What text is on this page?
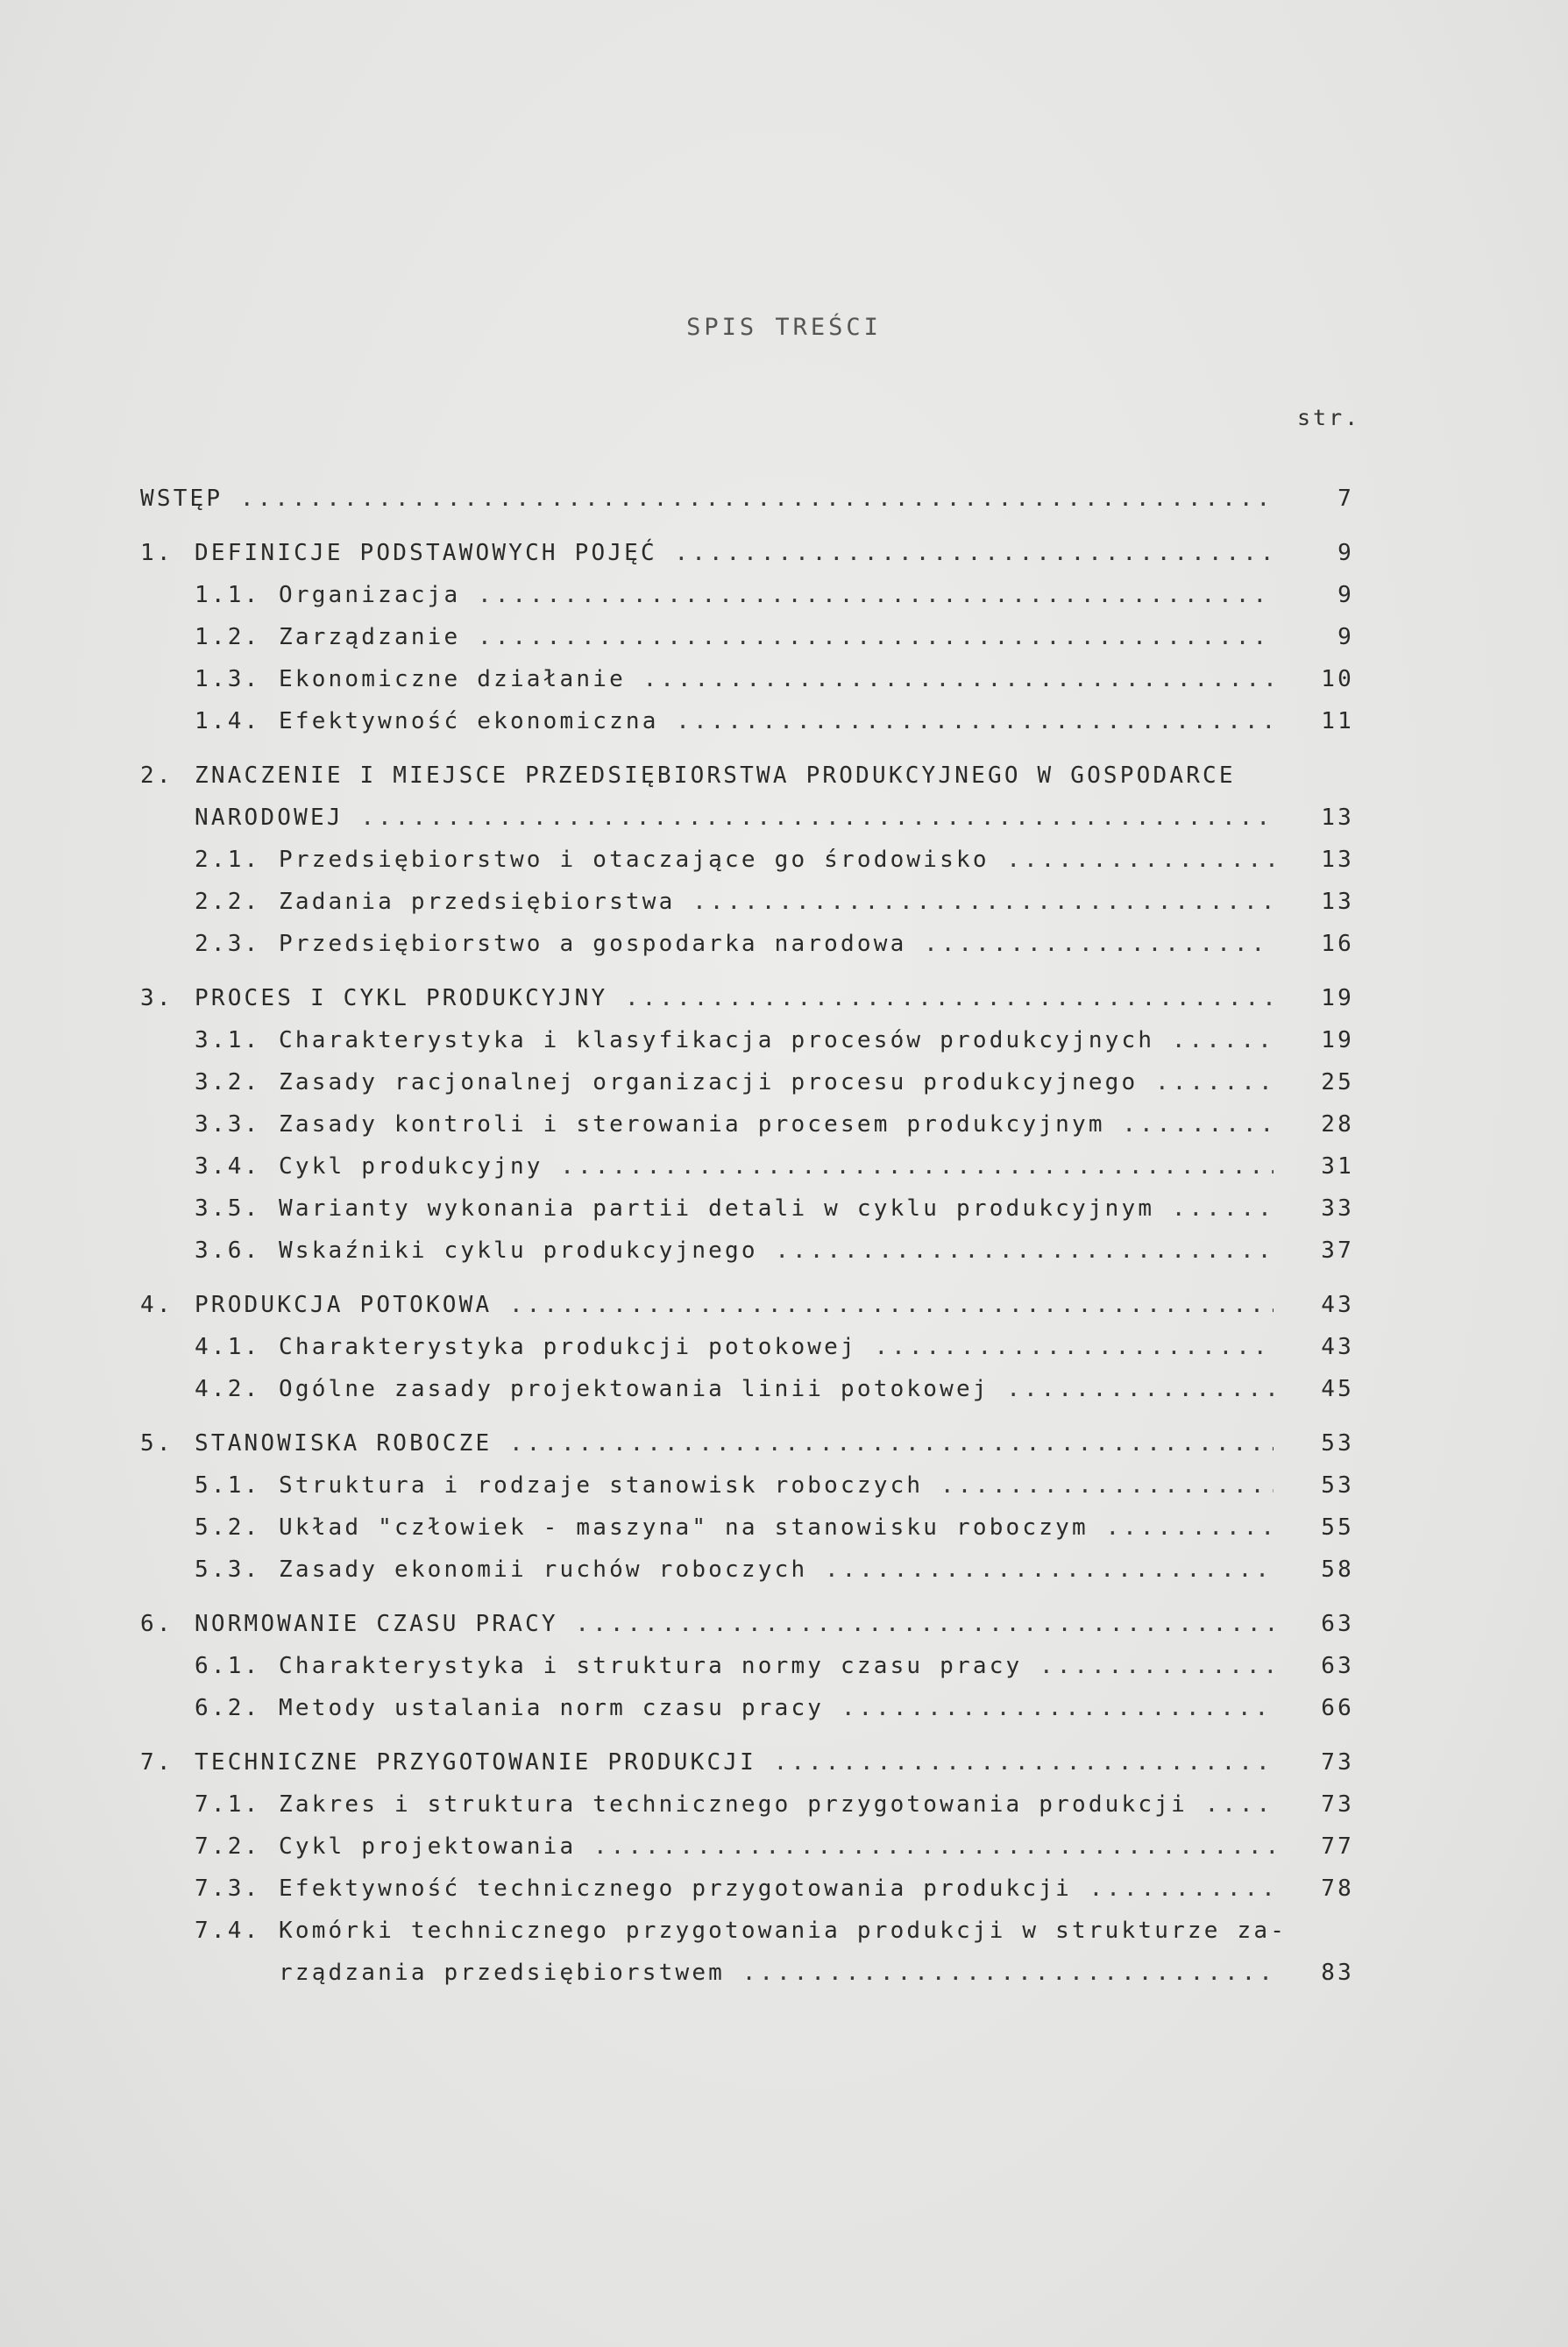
SPIS TREŚCI
str.
WSTĘP .....	7
1. DEFINICJE PODSTAWOWYCH POJĘĆ .....	9
1.1. Organizacja .....	9
1.2. Zarządzanie .....	9
1.3. Ekonomiczne działanie .....	10
1.4. Efektywność ekonomiczna .....	11
2. ZNACZENIE I MIEJSCE PRZEDSIĘBIORSTWA PRODUKCYJNEGO W GOSPODARCE
NARODOWEJ .....	13
2.1. Przedsiębiorstwo i otaczające go środowisko .....	13
2.2. Zadania przedsiębiorstwa .....	13
2.3. Przedsiębiorstwo a gospodarka narodowa .....	16
3. PROCES I CYKL PRODUKCYJNY .....	19
3.1. Charakterystyka i klasyfikacja procesów produkcyjnych .....	19
3.2. Zasady racjonalnej organizacji procesu produkcyjnego .....	25
3.3. Zasady kontroli i sterowania procesem produkcyjnym .....	28
3.4. Cykl produkcyjny .....	31
3.5. Warianty wykonania partii detali w cyklu produkcyjnym .....	33
3.6. Wskaźniki cyklu produkcyjnego .....	37
4. PRODUKCJA POTOKOWA .....	43
4.1. Charakterystyka produkcji potokowej .....	43
4.2. Ogólne zasady projektowania linii potokowej .....	45
5. STANOWISKA ROBOCZE .....	53
5.1. Struktura i rodzaje stanowisk roboczych .....	53
5.2. Układ "człowiek - maszyna" na stanowisku roboczym .....	55
5.3. Zasady ekonomii ruchów roboczych .....	58
6. NORMOWANIE CZASU PRACY .....	63
6.1. Charakterystyka i struktura normy czasu pracy .....	63
6.2. Metody ustalania norm czasu pracy .....	66
7. TECHNICZNE PRZYGOTOWANIE PRODUKCJI .....	73
7.1. Zakres i struktura technicznego przygotowania produkcji .....	73
7.2. Cykl projektowania .....	77
7.3. Efektywność technicznego przygotowania produkcji .....	78
7.4. Komórki technicznego przygotowania produkcji w strukturze za-
rządzania przedsiębiorstwem .....	83
